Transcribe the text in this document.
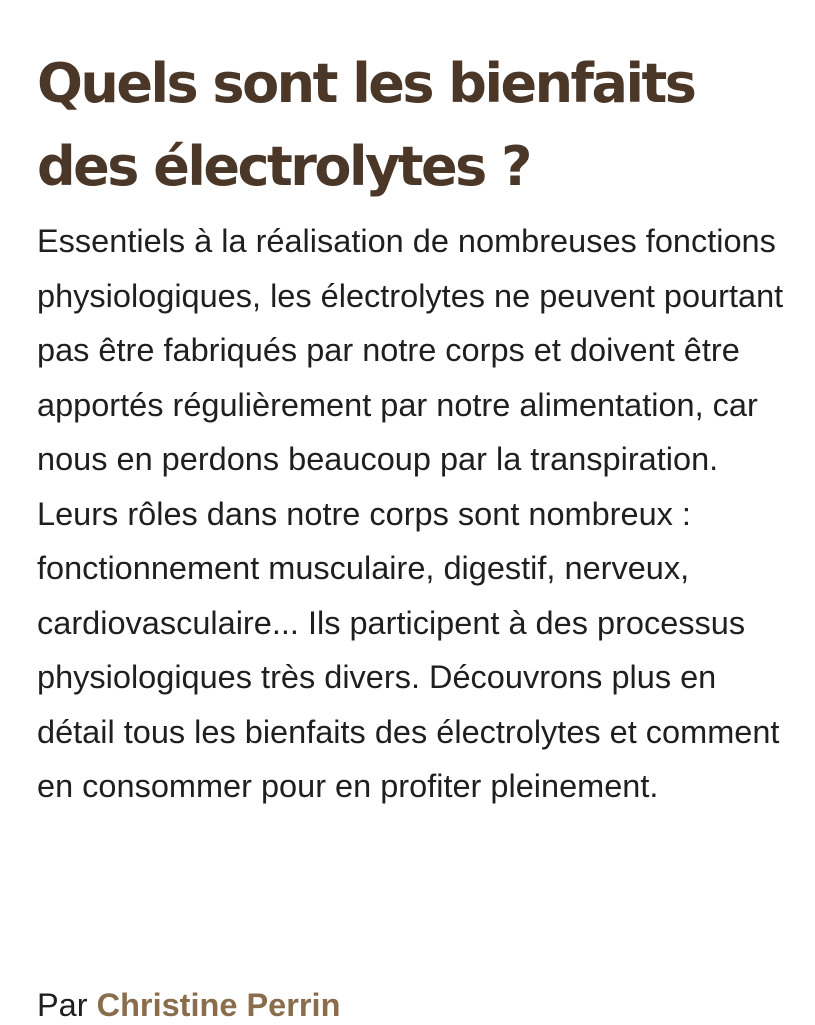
Quels sont les bienfaits des électrolytes ?

Essentiels à la réalisation de nombreuses fonctions physiologiques, les électrolytes ne peuvent pourtant pas être fabriqués par notre corps et doivent être apportés régulièrement par notre alimentation, car nous en perdons beaucoup par la transpiration. Leurs rôles dans notre corps sont nombreux : fonctionnement musculaire, digestif, nerveux, cardiovasculaire... Ils participent à des processus physiologiques très divers. Découvrons plus en détail tous les bienfaits des électrolytes et comment en consommer pour en profiter pleinement.

Par Christine Perrin
